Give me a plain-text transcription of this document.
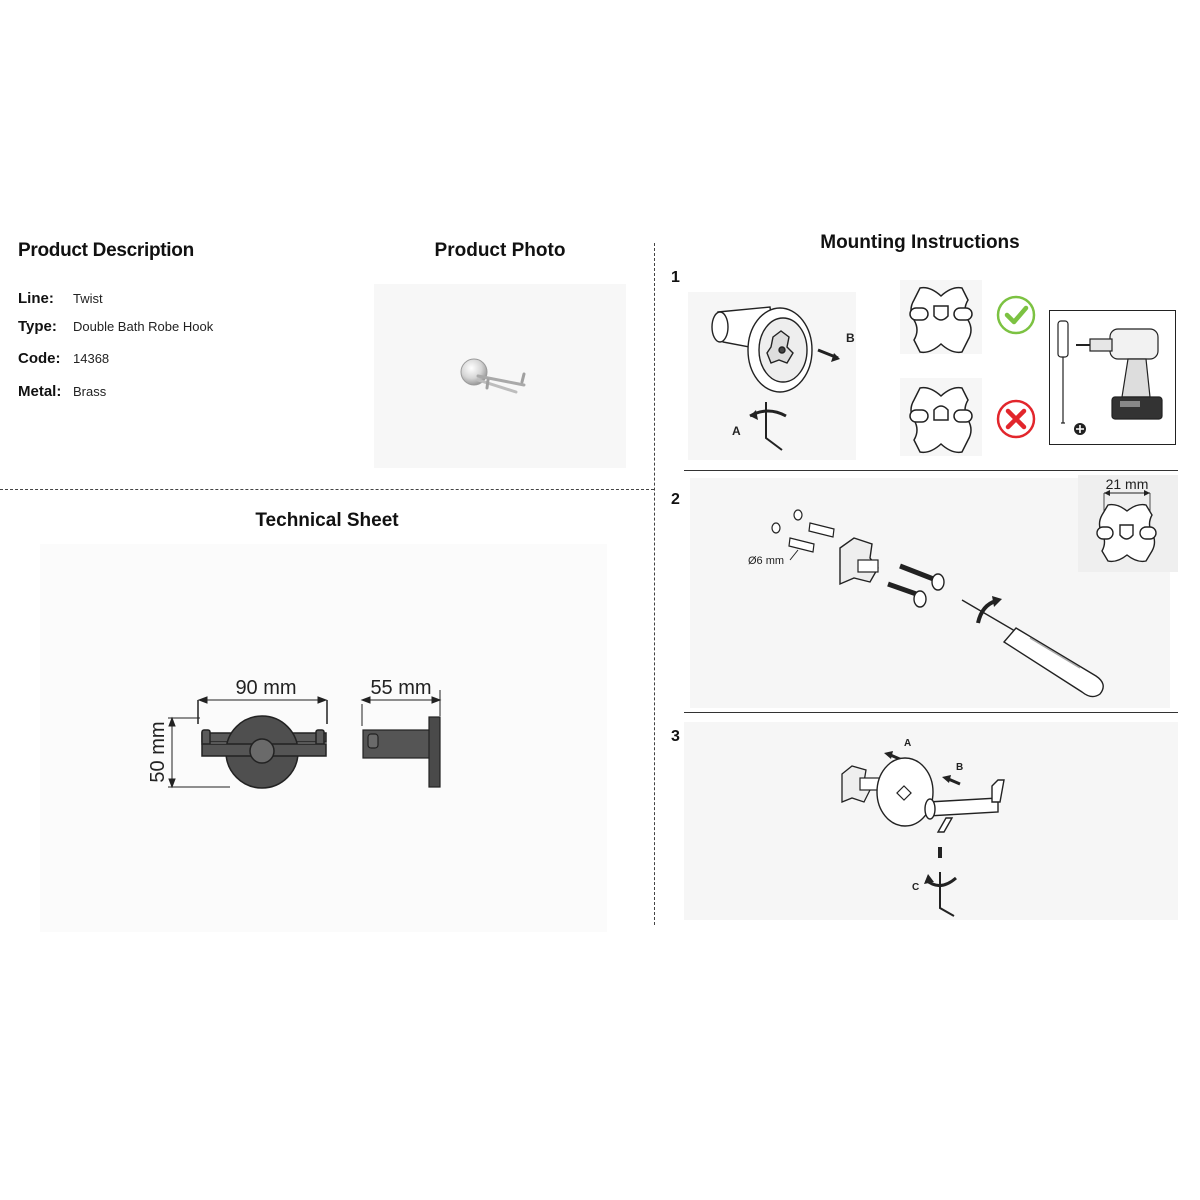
Product Description
Line:	Twist
Type:	Double Bath Robe Hook
Code: 14368
Metal: Brass
Product Photo
Technical Sheet
90 mm
50 mm
55 mm
Mounting Instructions
1
A
B
2
Ø6 mm
21 mm
3	A
B
C
